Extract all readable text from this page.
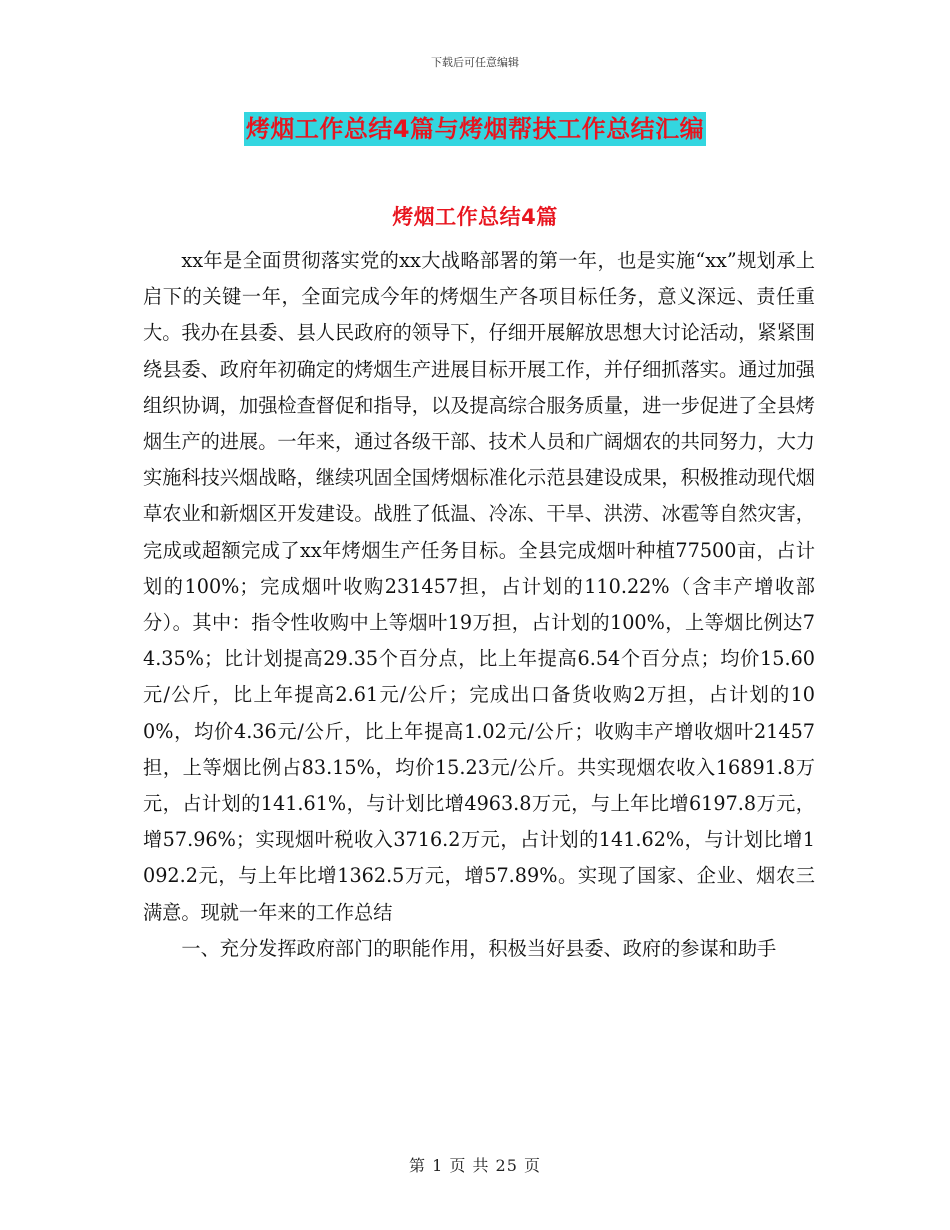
下载后可任意编辑
烤烟工作总结4篇与烤烟帮扶工作总结汇编
烤烟工作总结4篇

xx年是全面贯彻落实党的xx大战略部署的第一年，也是实施“xx”规划承上启下的关键一年，全面完成今年的烤烟生产各项目标任务，意义深远、责任重大。我办在县委、县人民政府的领导下，仔细开展解放思想大讨论活动，紧紧围绕县委、政府年初确定的烤烟生产进展目标开展工作，并仔细抓落实。通过加强组织协调，加强检查督促和指导，以及提高综合服务质量，进一步促进了全县烤烟生产的进展。一年来，通过各级干部、技术人员和广阔烟农的共同努力，大力实施科技兴烟战略，继续巩固全国烤烟标准化示范县建设成果，积极推动现代烟草农业和新烟区开发建设。战胜了低温、冷冻、干旱、洪涝、冰雹等自然灾害，完成或超额完成了xx年烤烟生产任务目标。全县完成烟叶种植77500亩，占计划的100%；完成烟叶收购231457担，占计划的110.22%（含丰产增收部分）。其中：指令性收购中上等烟叶19万担，占计划的100%，上等烟比例达74.35%；比计划提高29.35个百分点，比上年提高6.54个百分点；均价15.60元/公斤，比上年提高2.61元/公斤；完成出口备货收购2万担，占计划的100%，均价4.36元/公斤，比上年提高1.02元/公斤；收购丰产增收烟叶21457担，上等烟比例占83.15%，均价15.23元/公斤。共实现烟农收入16891.8万元，占计划的141.61%，与计划比增4963.8万元，与上年比增6197.8万元，增57.96%；实现烟叶税收入3716.2万元，占计划的141.62%，与计划比增1092.2元，与上年比增1362.5万元，增57.89%。实现了国家、企业、烟农三满意。现就一年来的工作总结

一、充分发挥政府部门的职能作用，积极当好县委、政府的参谋和助手

第 1 页 共 25 页
